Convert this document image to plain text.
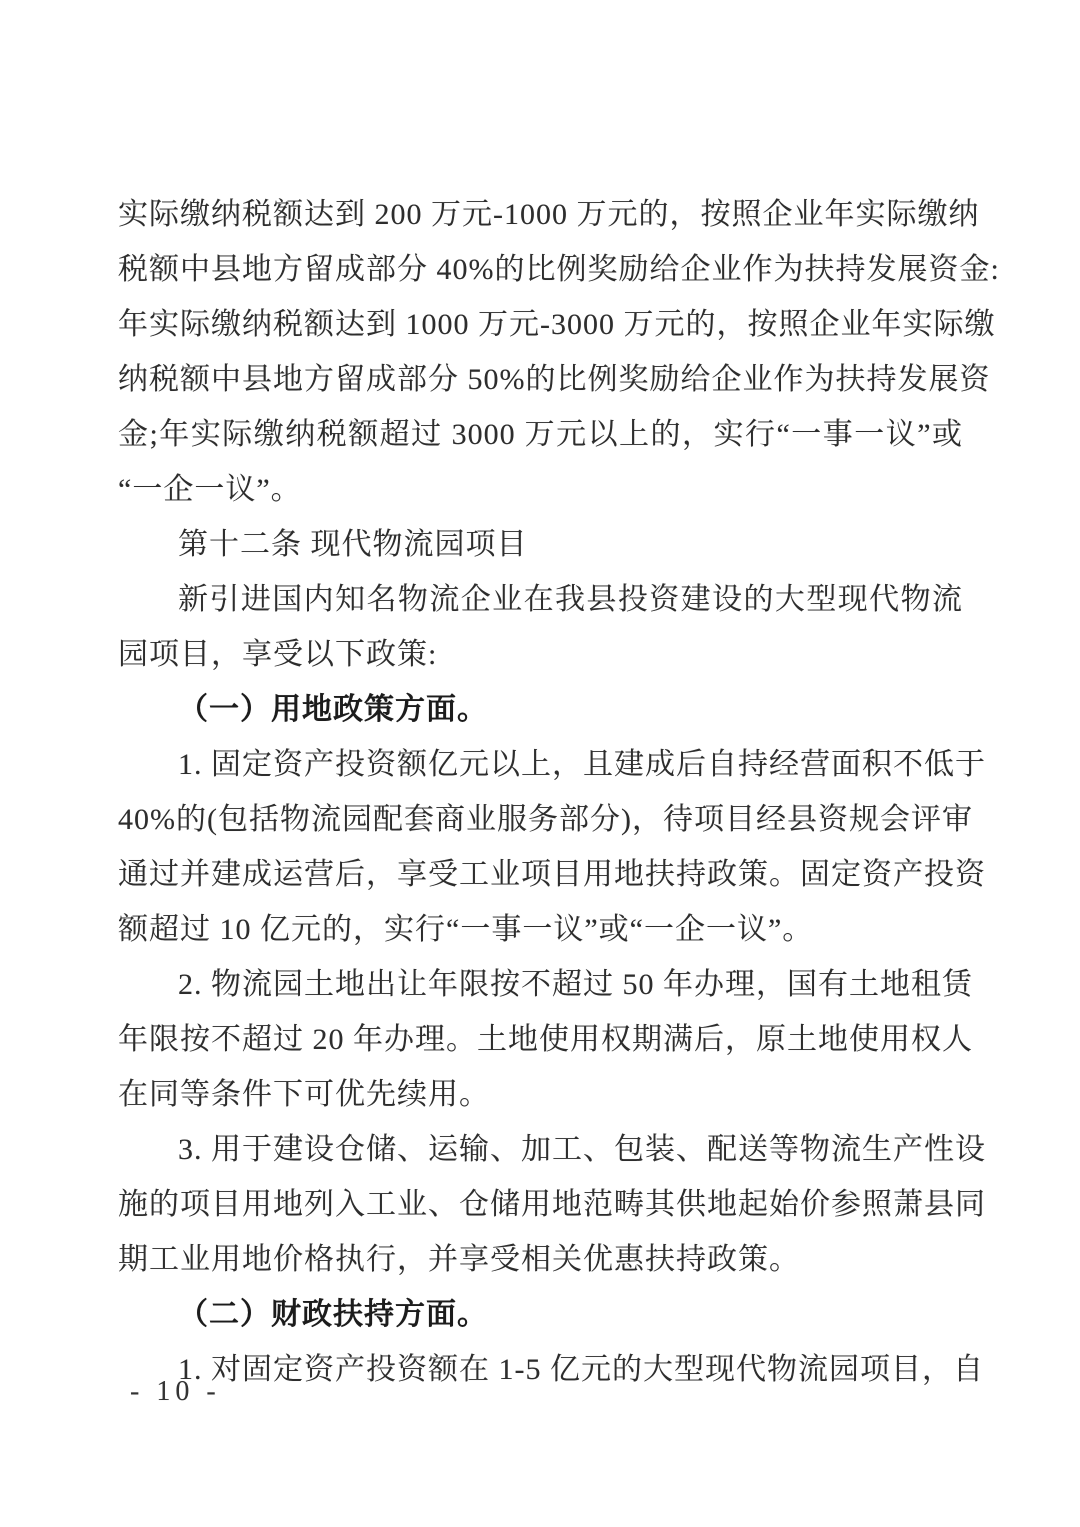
实际缴纳税额达到 200 万元-1000 万元的，按照企业年实际缴纳
税额中县地方留成部分 40%的比例奖励给企业作为扶持发展资金:
年实际缴纳税额达到 1000 万元-3000 万元的，按照企业年实际缴
纳税额中县地方留成部分 50%的比例奖励给企业作为扶持发展资
金;年实际缴纳税额超过 3000 万元以上的，实行“一事一议”或
“一企一议”。
第十二条 现代物流园项目
新引进国内知名物流企业在我县投资建设的大型现代物流
园项目，享受以下政策:
（一）用地政策方面。
1. 固定资产投资额亿元以上，且建成后自持经营面积不低于
40%的(包括物流园配套商业服务部分)，待项目经县资规会评审
通过并建成运营后，享受工业项目用地扶持政策。固定资产投资
额超过 10 亿元的，实行“一事一议”或“一企一议”。
2. 物流园土地出让年限按不超过 50 年办理，国有土地租赁
年限按不超过 20 年办理。土地使用权期满后，原土地使用权人
在同等条件下可优先续用。
3. 用于建设仓储、运输、加工、包装、配送等物流生产性设
施的项目用地列入工业、仓储用地范畴其供地起始价参照萧县同
期工业用地价格执行，并享受相关优惠扶持政策。
（二）财政扶持方面。
1. 对固定资产投资额在 1-5 亿元的大型现代物流园项目，自
- 10 -
